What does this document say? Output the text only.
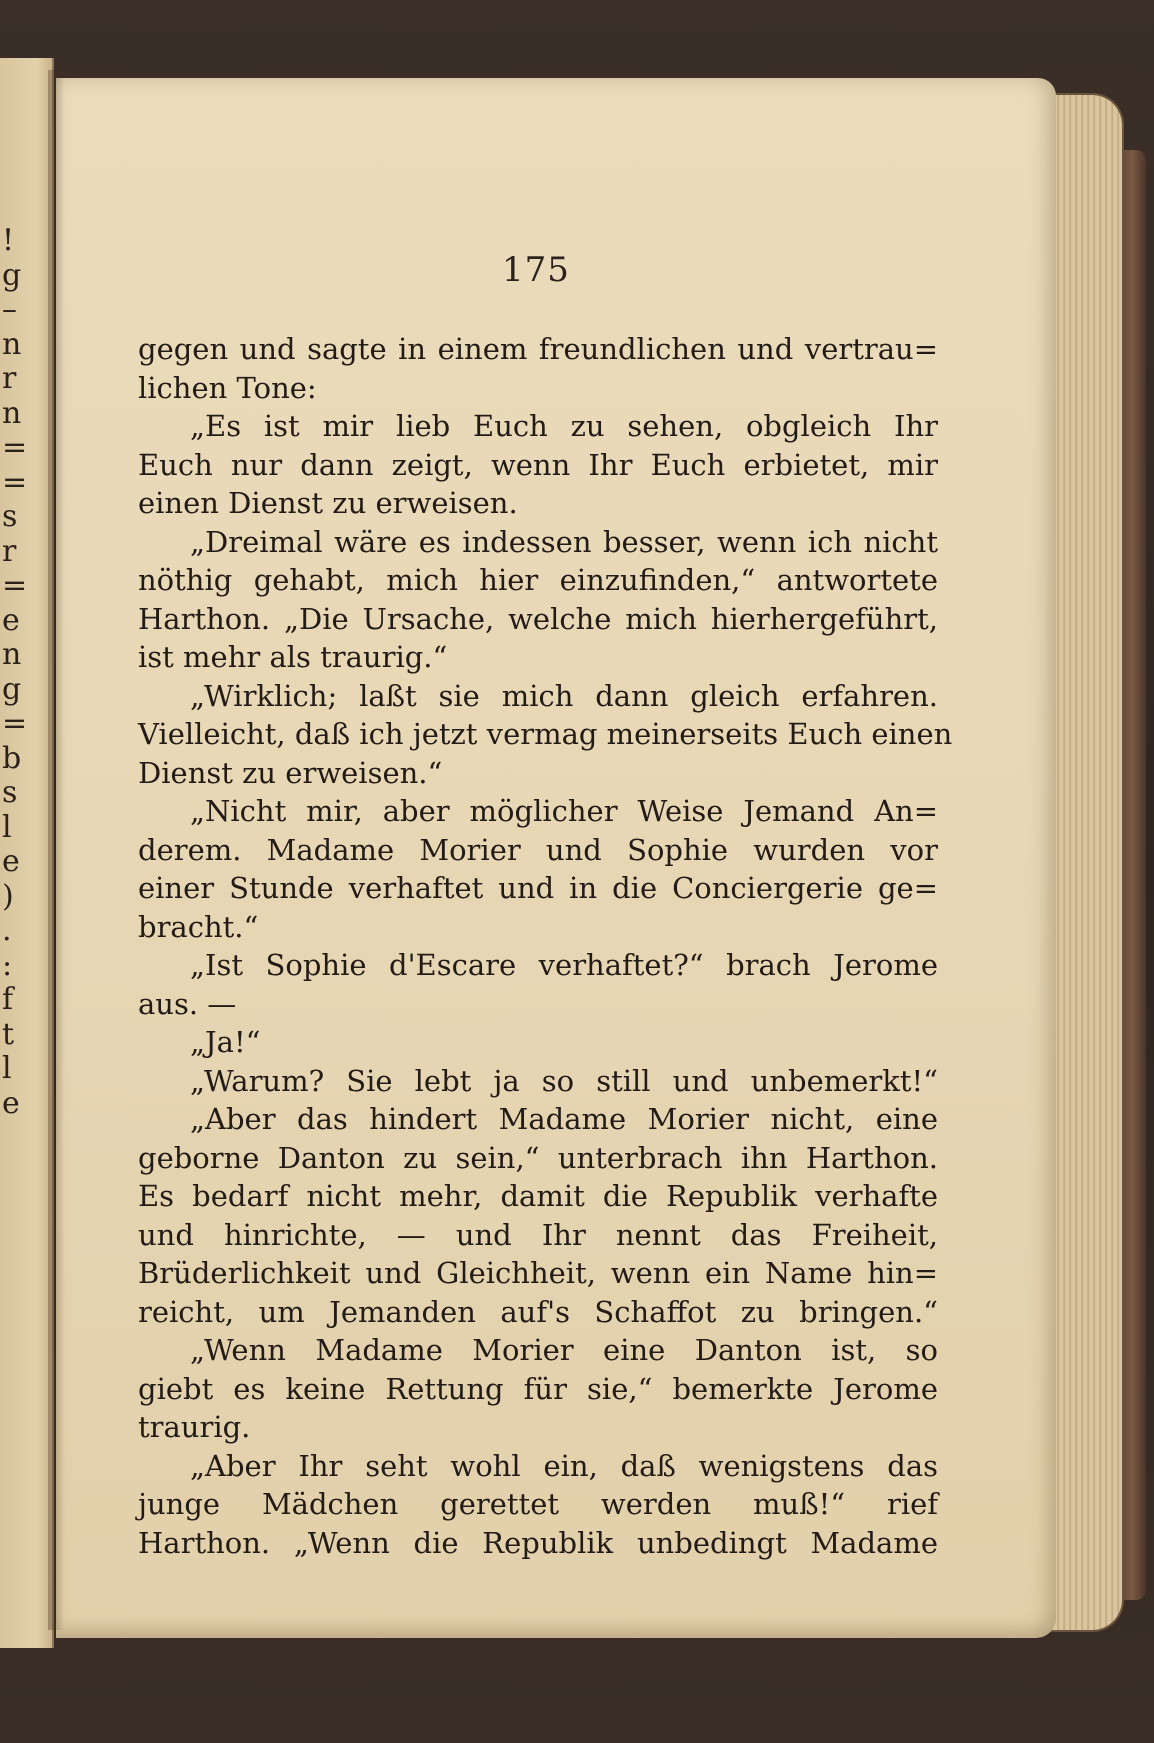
!
g
–
n
r
n
=
=
s
r
=
e
n
g
=
b
s
l
e
)
.
:
f
t
l
e
175
gegen und sagte in einem freundlichen und vertrau=
lichen Tone:
„Es ist mir lieb Euch zu sehen, obgleich Ihr
Euch nur dann zeigt, wenn Ihr Euch erbietet, mir
einen Dienst zu erweisen.
„Dreimal wäre es indessen besser, wenn ich nicht
nöthig gehabt, mich hier einzufinden,“ antwortete
Harthon. „Die Ursache, welche mich hierhergeführt,
ist mehr als traurig.“
„Wirklich; laßt sie mich dann gleich erfahren.
Vielleicht, daß ich jetzt vermag meinerseits Euch einen
Dienst zu erweisen.“
„Nicht mir, aber möglicher Weise Jemand An=
derem. Madame Morier und Sophie wurden vor
einer Stunde verhaftet und in die Conciergerie ge=
bracht.“
„Ist Sophie d'Escare verhaftet?“ brach Jerome
aus. —
„Ja!“
„Warum? Sie lebt ja so still und unbemerkt!“
„Aber das hindert Madame Morier nicht, eine
geborne Danton zu sein,“ unterbrach ihn Harthon.
Es bedarf nicht mehr, damit die Republik verhafte
und hinrichte, — und Ihr nennt das Freiheit,
Brüderlichkeit und Gleichheit, wenn ein Name hin=
reicht, um Jemanden auf's Schaffot zu bringen.“
„Wenn Madame Morier eine Danton ist, so
giebt es keine Rettung für sie,“ bemerkte Jerome
traurig.
„Aber Ihr seht wohl ein, daß wenigstens das
junge Mädchen gerettet werden muß!“ rief
Harthon. „Wenn die Republik unbedingt Madame
